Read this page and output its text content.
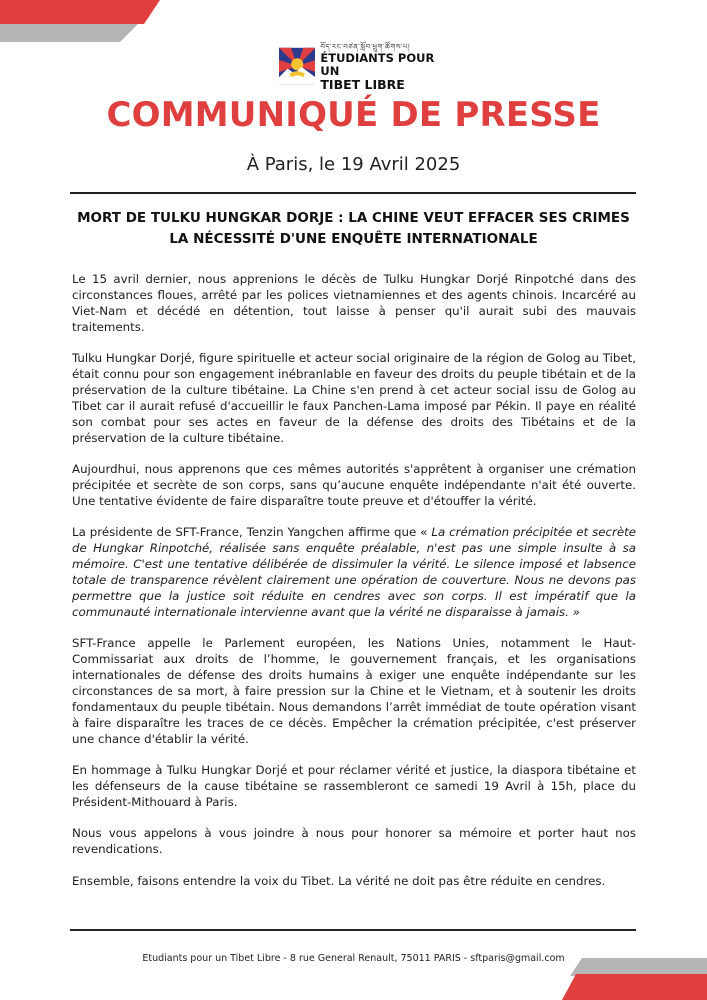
བོད་རང་བཙན་སློབ་ཕྲུག་ཚོགས་པ།
ÉTUDIANTS POUR UN
TIBET LIBRE
COMMUNIQUÉ DE PRESSE
À Paris, le 19 Avril 2025
MORT DE TULKU HUNGKAR DORJE : LA CHINE VEUT EFFACER SES CRIMES
LA NÉCESSITÉ D'UNE ENQUÊTE INTERNATIONALE

Le 15 avril dernier, nous apprenions le décès de Tulku Hungkar Dorjé Rinpotché dans des circonstances floues, arrêté par les polices vietnamiennes et des agents chinois. Incarcéré au Viet-Nam et décédé en détention, tout laisse à penser qu'il aurait subi des mauvais traitements.

Tulku Hungkar Dorjé, figure spirituelle et acteur social originaire de la région de Golog au Tibet, était connu pour son engagement inébranlable en faveur des droits du peuple tibétain et de la préservation de la culture tibétaine. La Chine s'en prend à cet acteur social issu de Golog au Tibet car il aurait refusé d'accueillir le faux Panchen-Lama imposé par Pékin. Il paye en réalité son combat pour ses actes en faveur de la défense des droits des Tibétains et de la préservation de la culture tibétaine.

Aujourdhui, nous apprenons que ces mêmes autorités s'apprêtent à organiser une crémation précipitée et secrète de son corps, sans qu’aucune enquête indépendante n'ait été ouverte. Une tentative évidente de faire disparaître toute preuve et d'étouffer la vérité.

La présidente de SFT-France, Tenzin Yangchen affirme que « La crémation précipitée et secrète de Hungkar Rinpotché, réalisée sans enquête préalable, n'est pas une simple insulte à sa mémoire. C'est une tentative délibérée de dissimuler la vérité. Le silence imposé et labsence totale de transparence révèlent clairement une opération de couverture. Nous ne devons pas permettre que la justice soit réduite en cendres avec son corps. Il est impératif que la communauté internationale intervienne avant que la vérité ne disparaisse à jamais. »

SFT-France appelle le Parlement européen, les Nations Unies, notamment le Haut-Commissariat aux droits de l’homme, le gouvernement français, et les organisations internationales de défense des droits humains à exiger une enquête indépendante sur les circonstances de sa mort, à faire pression sur la Chine et le Vietnam, et à soutenir les droits fondamentaux du peuple tibétain. Nous demandons l’arrêt immédiat de toute opération visant à faire disparaître les traces de ce décès. Empêcher la crémation précipitée, c'est préserver une chance d'établir la vérité.

En hommage à Tulku Hungkar Dorjé et pour réclamer vérité et justice, la diaspora tibétaine et les défenseurs de la cause tibétaine se rassembleront ce samedi 19 Avril à 15h, place du Président-Mithouard à Paris.

Nous vous appelons à vous joindre à nous pour honorer sa mémoire et porter haut nos revendications.

Ensemble, faisons entendre la voix du Tibet. La vérité ne doit pas être réduite en cendres.

Etudiants pour un Tibet Libre - 8 rue General Renault, 75011 PARIS - sftparis@gmail.com
